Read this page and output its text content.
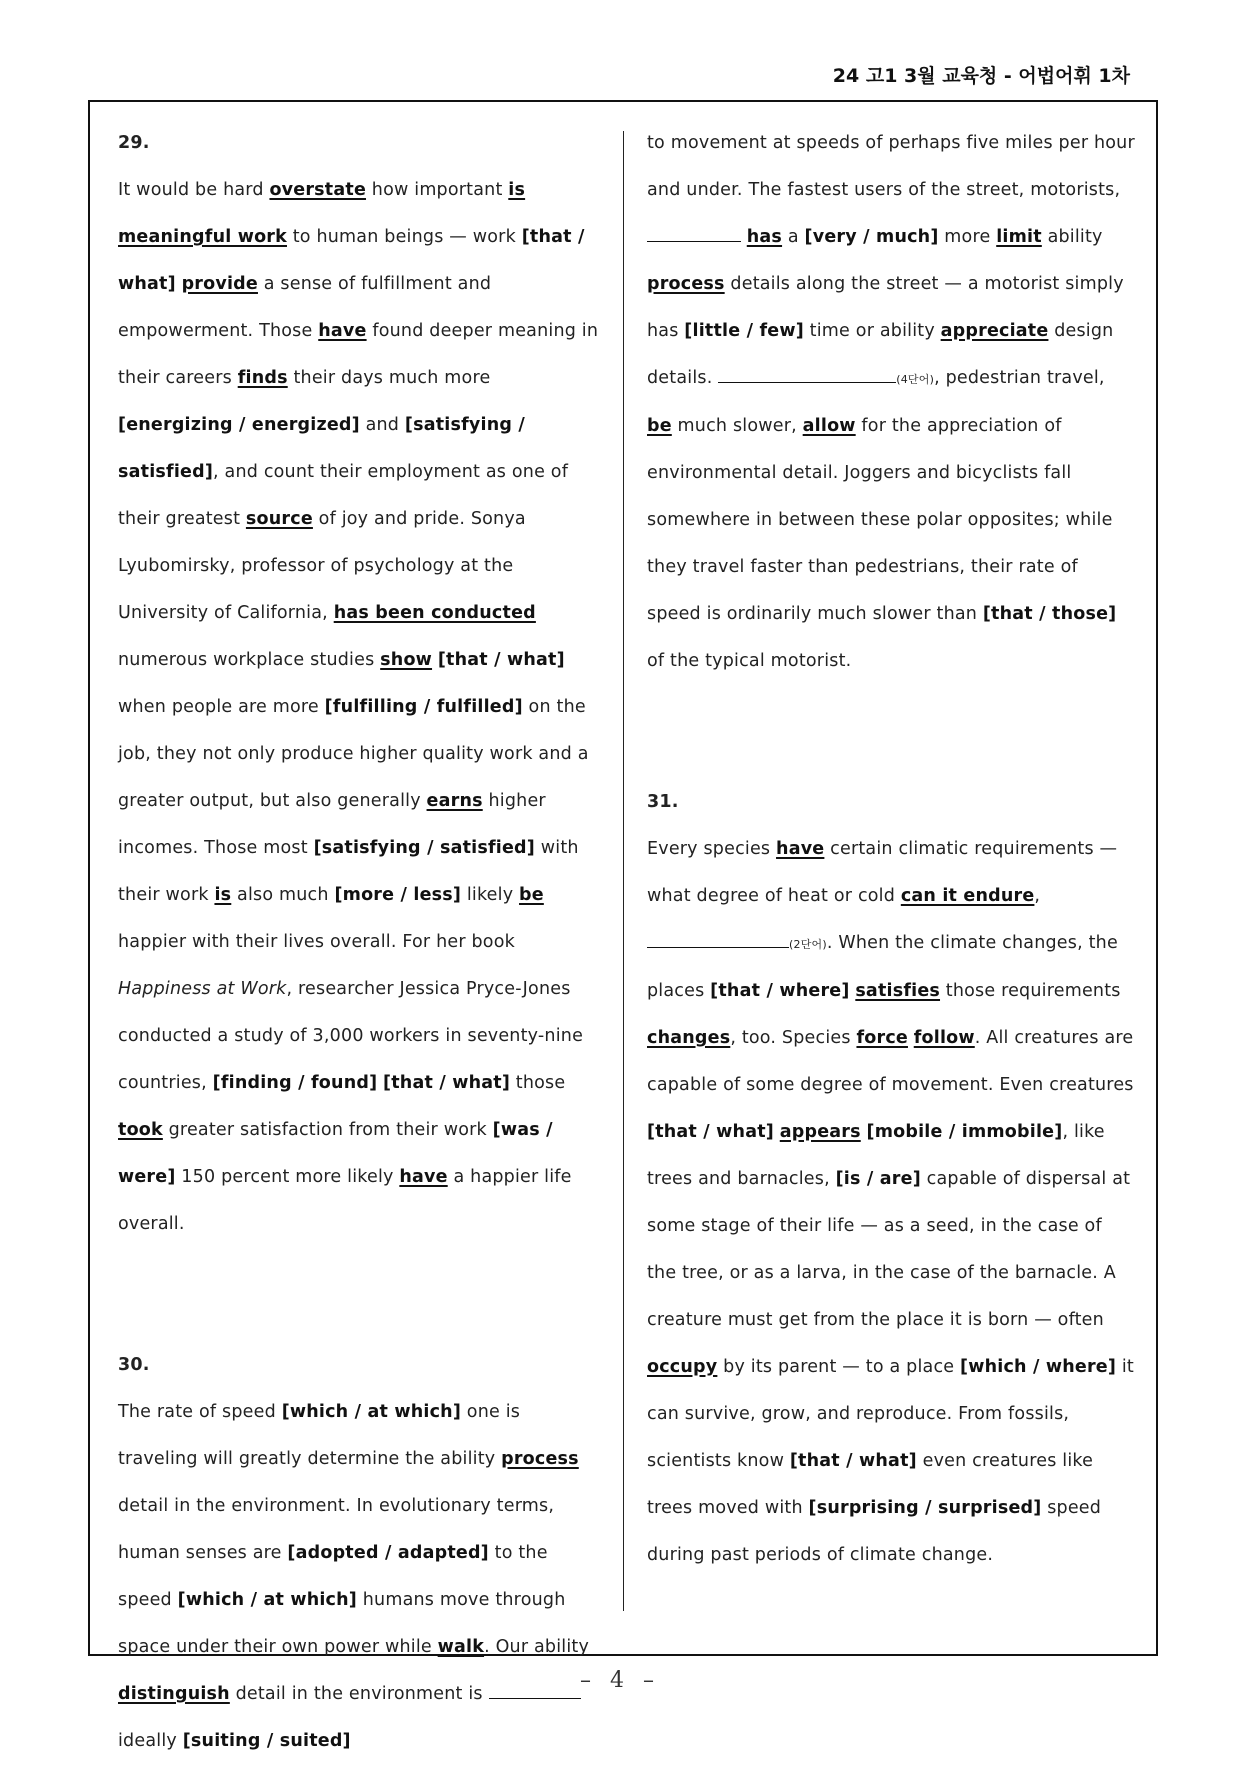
24 고1 3월 교육청 - 어법어휘 1차
29.

It would be hard overstate how important is meaningful work to human beings — work [that / what] provide a sense of fulfillment and empowerment. Those have found deeper meaning in their careers finds their days much more [energizing / energized] and [satisfying / satisfied], and count their employment as one of their greatest source of joy and pride. Sonya Lyubomirsky, professor of psychology at the University of California, has been conducted numerous workplace studies show [that / what] when people are more [fulfilling / fulfilled] on the job, they not only produce higher quality work and a greater output, but also generally earns higher incomes. Those most [satisfying / satisfied] with their work is also much [more / less] likely be happier with their lives overall. For her book Happiness at Work, researcher Jessica Pryce-Jones conducted a study of 3,000 workers in seventy-nine countries, [finding / found] [that / what] those took greater satisfaction from their work [was / were] 150 percent more likely have a happier life overall.

30.

The rate of speed [which / at which] one is traveling will greatly determine the ability process detail in the environment. In evolutionary terms, human senses are [adopted / adapted] to the speed [which / at which] humans move through space under their own power while walk. Our ability distinguish detail in the environment is  ideally [suiting / suited]

to movement at speeds of perhaps five miles per hour and under. The fastest users of the street, motorists,  has a [very / much] more limit ability process details along the street — a motorist simply has [little / few] time or ability appreciate design details.	(4단어), pedestrian travel, be much slower, allow for the appreciation of environmental detail. Joggers and bicyclists fall somewhere in between these polar opposites; while they travel faster than pedestrians, their rate of speed is ordinarily much slower than [that / those] of the typical motorist.

31.

Every species have certain climatic requirements — what degree of heat or cold can it endure, (2단어). When the climate changes, the places [that / where] satisfies those requirements changes, too. Species force follow. All creatures are capable of some degree of movement. Even creatures [that / what] appears [mobile / immobile], like trees and barnacles, [is / are] capable of dispersal at some stage of their life — as a seed, in the case of the tree, or as a larva, in the case of the barnacle. A creature must get from the place it is born — often occupy by its parent — to a place [which / where] it can survive, grow, and reproduce. From fossils, scientists know [that / what] even creatures like trees moved with [surprising / surprised] speed during past periods of climate change.

– 4 –
